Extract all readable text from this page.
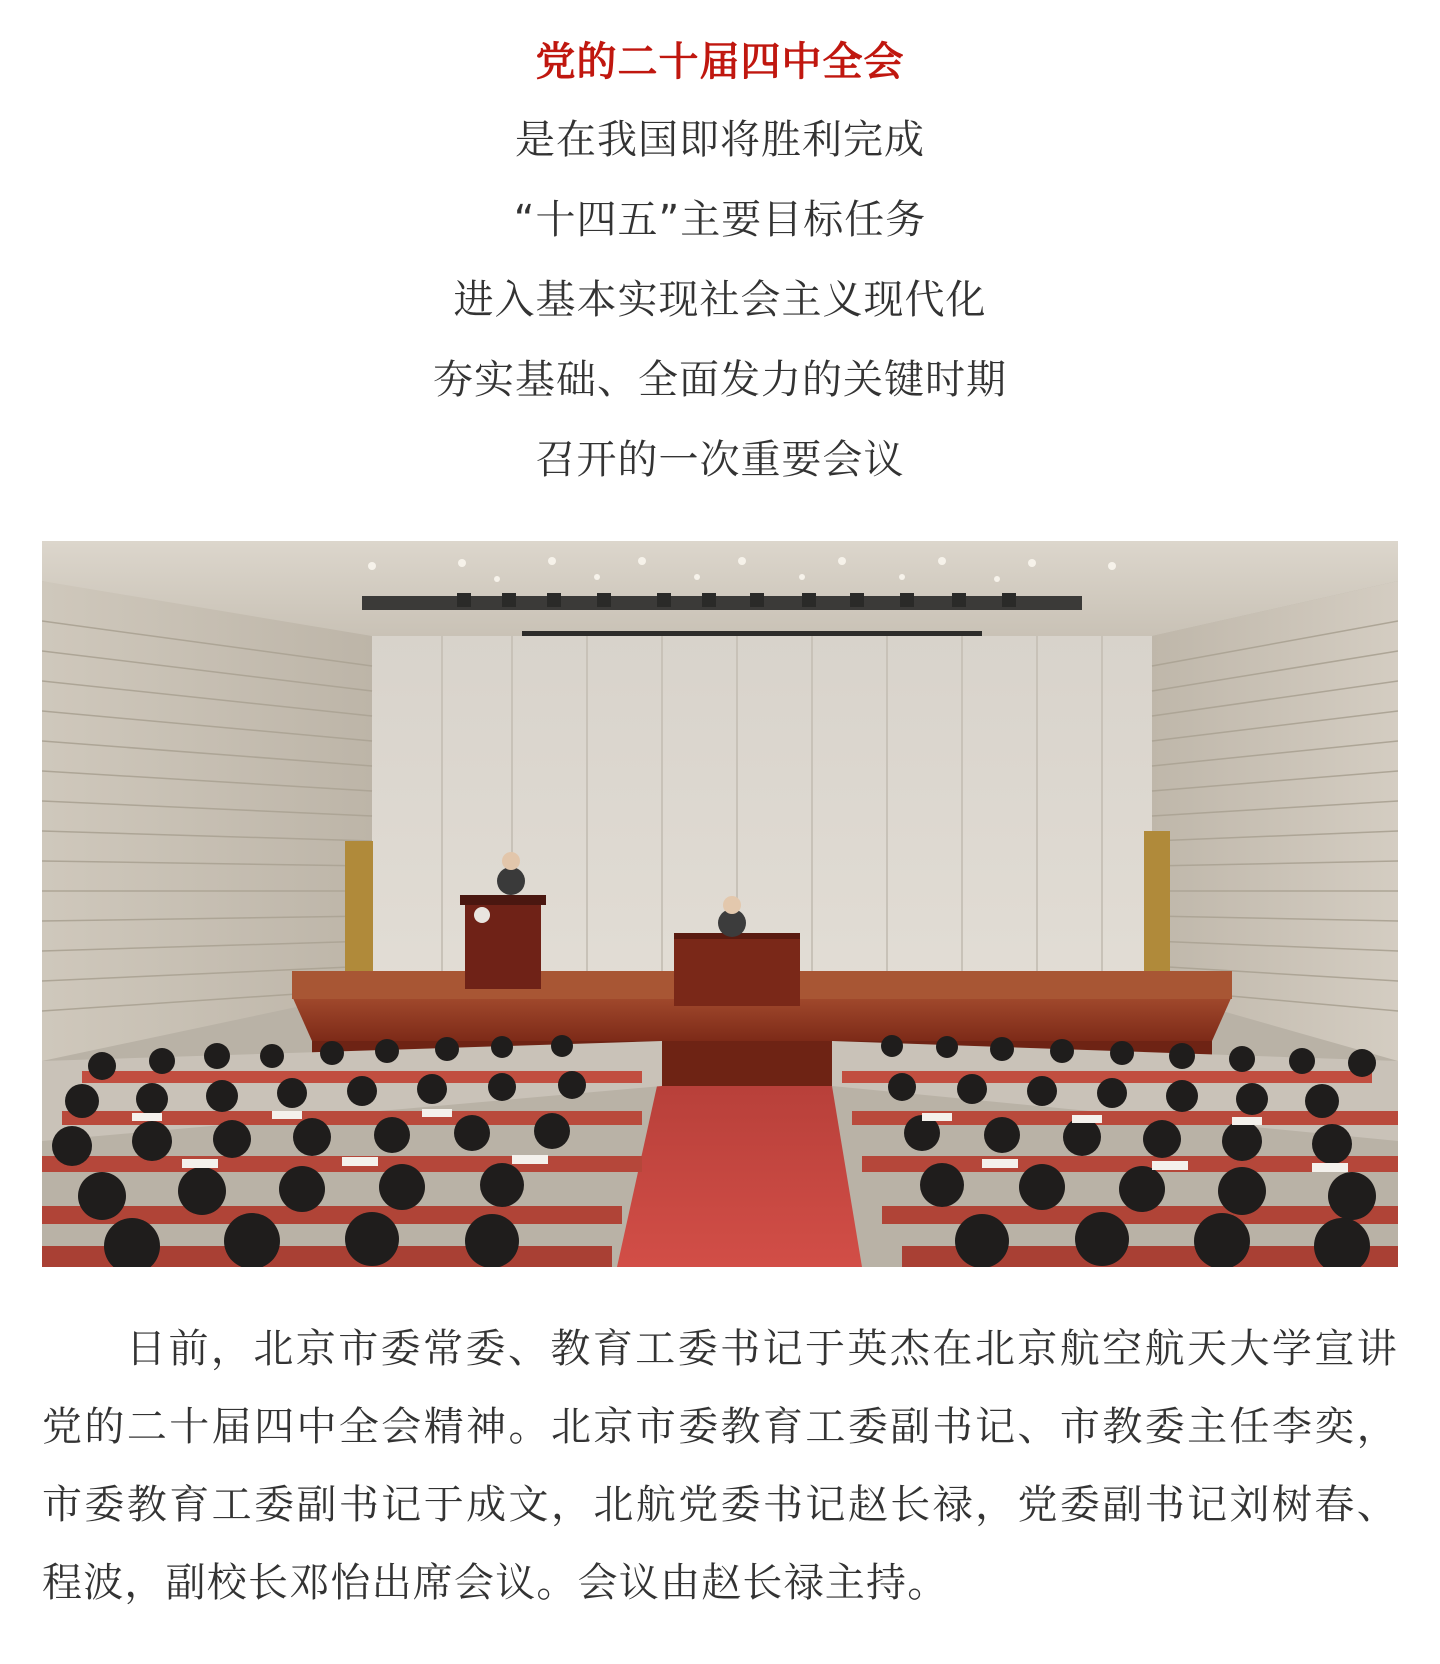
党的二十届四中全会
是在我国即将胜利完成
“十四五”主要目标任务
进入基本实现社会主义现代化
夯实基础、全面发力的关键时期
召开的一次重要会议

日前，北京市委常委、教育工委书记于英杰在北京航空航天大学宣讲党的二十届四中全会精神。北京市委教育工委副书记、市教委主任李奕，市委教育工委副书记于成文，北航党委书记赵长禄，党委副书记刘树春、程波，副校长邓怡出席会议。会议由赵长禄主持。
